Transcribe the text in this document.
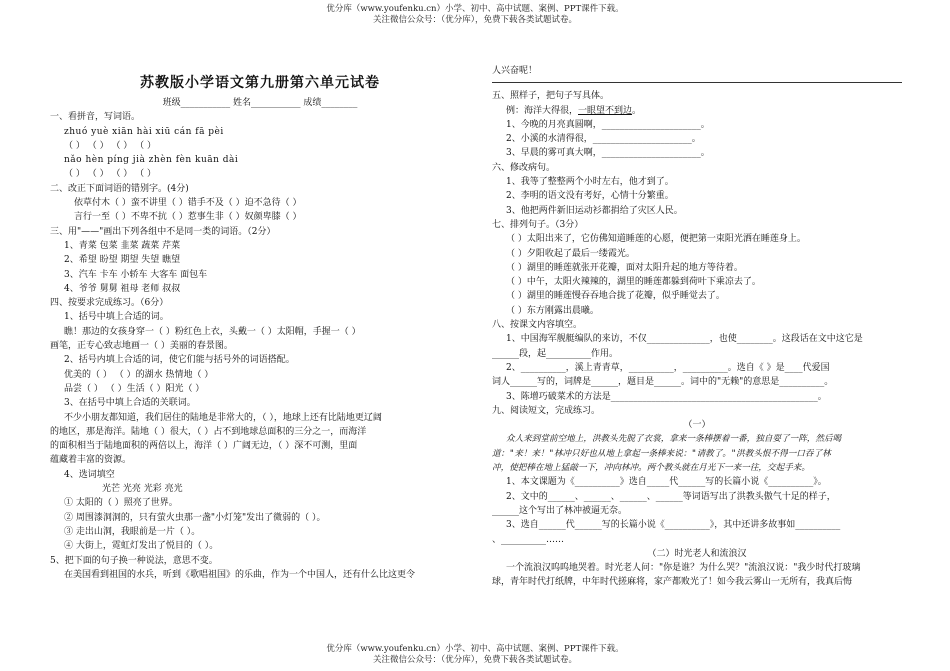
优分库（www.youfenku.cn）小学、初中、高中试题、案例、PPT课件下载。
关注微信公众号：（优分库），免费下载各类试题试卷。
苏教版小学语文第九册第六单元试卷
班级___________ 姓名___________ 成绩________
一、看拼音，写词语。
zhuó yuè xiān hài xiū cán fā pèi
（ ） （ ） （ ） （ ）
nǎo hèn píng jià zhèn fèn kuān dài
（ ） （ ） （ ） （ ）
二、改正下面词语的错别字。(4分)
依草付木（ ）蛮不讲里（ ）错手不及（ ）迫不急待（ ）
言行一至（ ）不卑不抗（ ）惹事生非（ ）奴颜卑膝（ ）
三、用"——"画出下列各组中不是同一类的词语。（2分）
1、青菜 包菜 韭菜 蔬菜 芹菜
2、希望 盼望 期望 失望 瞧望
3、汽车 卡车 小轿车 大客车 面包车
4、爷爷 舅舅 祖母 老师 叔叔
四、按要求完成练习。（6分）
1、括号中填上合适的词。
瞧！那边的女孩身穿一（ ）粉红色上衣，头戴一（ ）太阳帽，手握一（ ）
画笔，正专心致志地画一（ ）美丽的春景图。
2、括号内填上合适的词，使它们能与括号外的词语搭配。
优美的（ ） （ ）的湖水 热情地（ ）
品尝（ ） （ ）生活（ ）阳光（ ）
3、在括号中填上合适的关联词。
不少小朋友都知道，我们居住的陆地是非常大的，（ ），地球上还有比陆地更辽阔
的地区，那是海洋。陆地（ ）很大，（ ）占不到地球总面积的三分之一，而海洋
的面积相当于陆地面积的两倍以上，海洋（ ）广阔无边，（ ）深不可测，里面
蕴藏着丰富的资源。
4、选词填空
光芒 光亮 光彩 亮光
① 太阳的（ ）照亮了世界。
② 周围漆洞洞的，只有萤火虫那一盏"小灯笼"发出了微弱的（ ）。
③ 走出山洞，我眼前是一片（ ）。
④ 大街上，霓虹灯发出了悦目的（ ）。
5、把下面的句子换一种说法，意思不变。
在美国看到祖国的水兵，听到《歌唱祖国》的乐曲，作为一个中国人，还有什么比这更令
人兴奋呢！
五、照样子，把句子写具体。
例：海洋大得很，一眼望不到边。
1、今晚的月亮真圆啊，______________________。
2、小溪的水清得很，______________________。
3、早晨的雾可真大啊，______________________。
六、修改病句。
1、我等了整整两个小时左右，他才到了。
2、李明的语文没有考好，心情十分繁重。
3、他把两件新旧运动衫都捐给了灾区人民。
七、排列句子。（3分）
（ ）太阳出来了，它仿佛知道睡莲的心愿，便把第一束阳光洒在睡莲身上。
（ ）夕阳收起了最后一缕霞光。
（ ）湖里的睡莲就张开花瓣，面对太阳升起的地方等待着。
（ ）中午，太阳火辣辣的，湖里的睡莲都躲到荷叶下乘凉去了。
（ ）湖里的睡莲慢吞吞地合拢了花瓣，似乎睡觉去了。
（ ）东方刚露出晨曦。
八、按课文内容填空。
1、中国海军舰艇编队的来访，不仅______________，也使________。这段话在文中这它是
______段，起__________作用。
2、__________，溪上青青草，__________，__________。选自《 》是____代爱国
词人______写的，词牌是______，题目是______。词中的"无赖"的意思是__________。
3、陈增巧破菜术的方法是______________________________________________。
九、阅读短文，完成练习。
（一）
众人来到堂前空地上，洪教头先脱了衣裳，拿来一条棒摆着一番，独自耍了一阵，然后喝
道："来！来！"林冲只好也从地上拿起一条棒来说："请教了。"洪教头恨不得一口吞了林
冲，使把棒在地上猛敲一下，冲向林冲。两个教头就在月光下一来一往，交起手来。
1、本文课题为《__________》选自_____代______写的长篇小说《__________》。
2、文中的______、______、______、______等词语写出了洪教头傲气十足的样子，
______这个写出了林冲被逼无奈。
3、选自______代______写的长篇小说《__________》，其中还讲多故事如__________
、__________……
（二）时光老人和流浪汉
一个流浪汉呜呜地哭着。时光老人问："你是谁？为什么哭？"流浪汉说："我少时代打玻璃
球，青年时代打纸牌，中年时代搓麻将，家产都败光了！如今我云雾山一无所有，我真后悔
优分库（www.youfenku.cn）小学、初中、高中试题、案例、PPT课件下载。
关注微信公众号：（优分库），免费下载各类试题试卷。
